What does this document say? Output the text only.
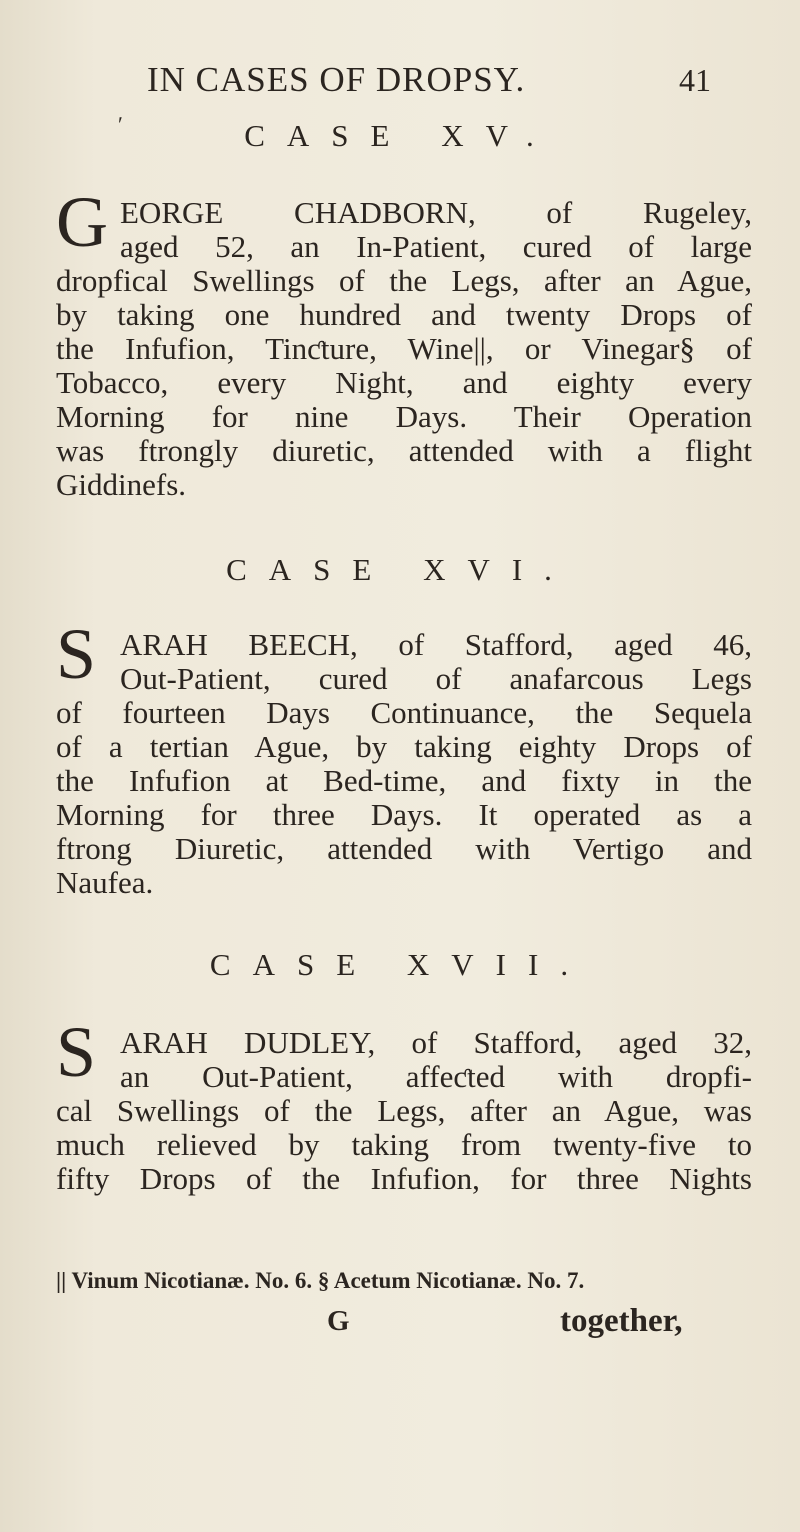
IN CASES OF DROPSY.	41
ʹ	CASE XV.
G EORGE CHADBORN, of Rugeley,
aged 52, an In-Patient, cured of large
dropfical Swellings of the Legs, after an Ague,
by taking one hundred and twenty Drops of
the Infufion, Tinƈture, Wine||, or Vinegar§ of
Tobacco, every Night, and eighty every
Morning for nine Days. Their Operation
was ftrongly diuretic, attended with a flight
Giddinefs.
CASE XVI.
S ARAH BEECH, of Stafford, aged 46,
Out-Patient, cured of anafarcous Legs
of fourteen Days Continuance, the Sequela
of a tertian Ague, by taking eighty Drops of
the Infufion at Bed-time, and fixty in the
Morning for three Days. It operated as a
ftrong Diuretic, attended with Vertigo and
Naufea.
CASE XVII.
S ARAH DUDLEY, of Stafford, aged 32,
an Out-Patient, affeƈted with dropfi-
cal Swellings of the Legs, after an Ague, was
much relieved by taking from twenty-five to
fifty Drops of the Infufion, for three Nights
|| Vinum Nicotianæ. No. 6. § Acetum Nicotianæ. No. 7.
G	together,
